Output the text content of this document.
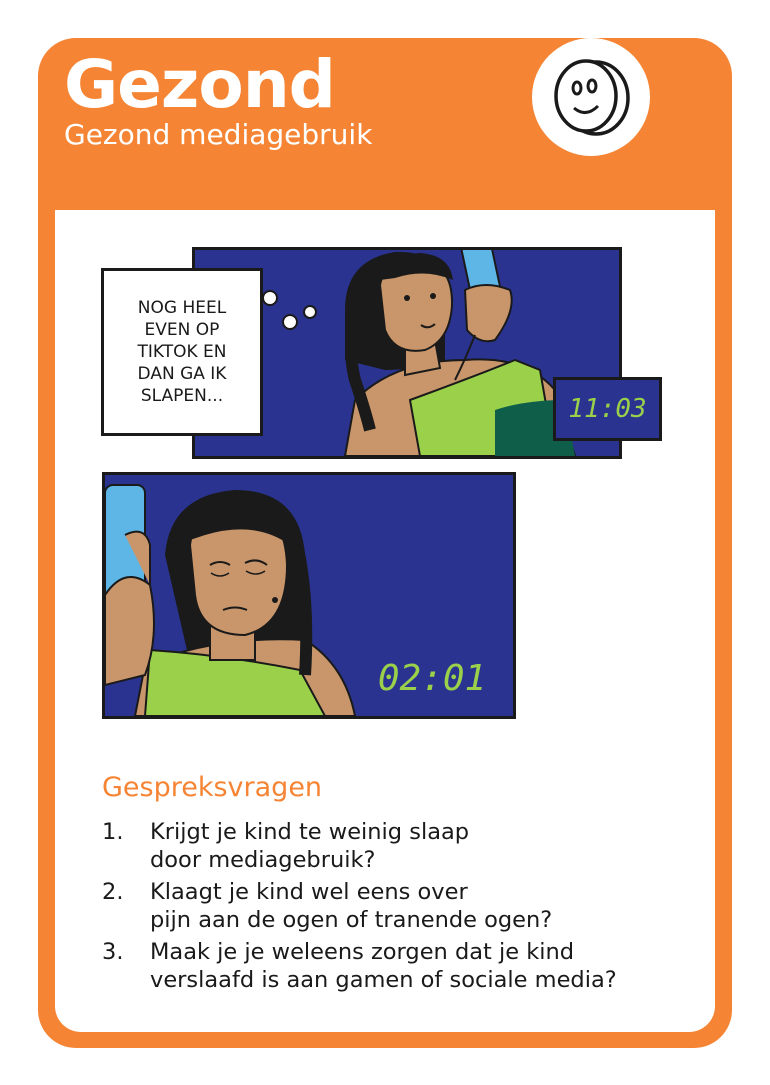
Gezond

Gezond mediagebruik

NOG HEEL
EVEN OP
TIKTOK EN
DAN GA IK
SLAPEN...	11:03
02:01
Gespreksvragen
1.	Krijgt je kind te weinig slaap
door mediagebruik?
2.	Klaagt je kind wel eens over
pijn aan de ogen of tranende ogen?
3.	Maak je je weleens zorgen dat je kind
verslaafd is aan gamen of sociale media?
